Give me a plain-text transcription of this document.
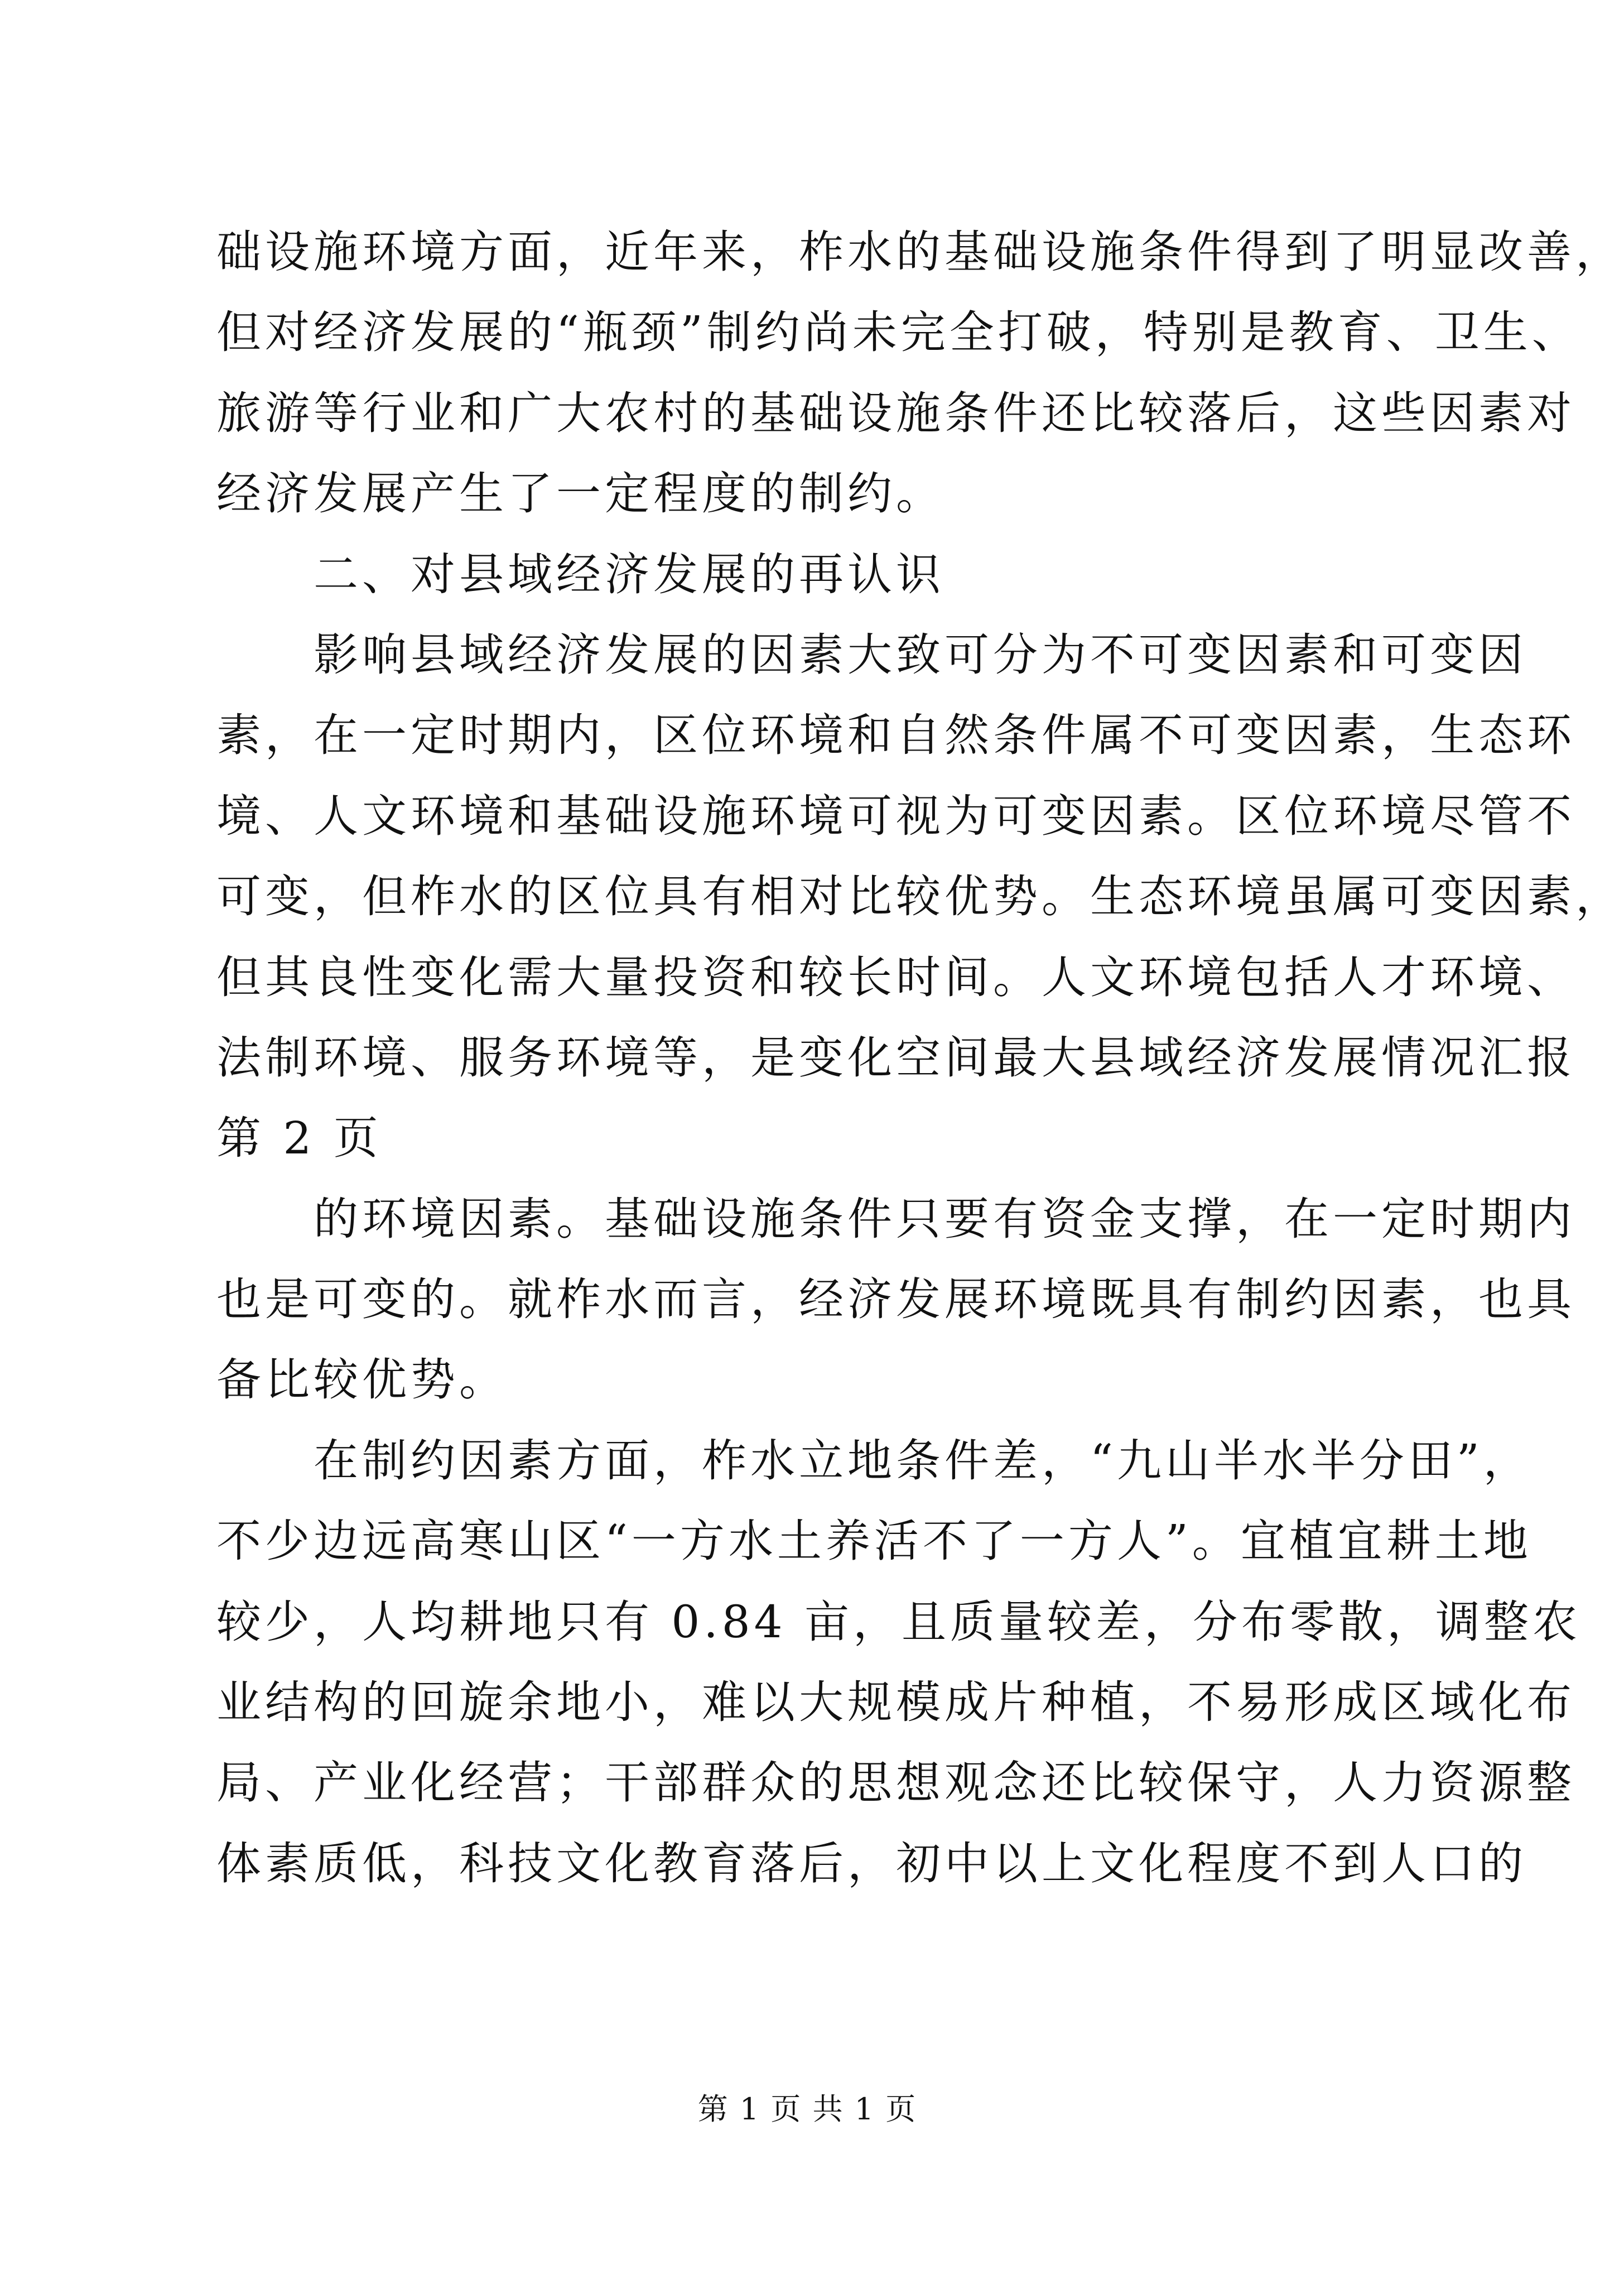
础设施环境方面，近年来，柞水的基础设施条件得到了明显改善，
但对经济发展的“瓶颈”制约尚未完全打破，特别是教育、卫生、
旅游等行业和广大农村的基础设施条件还比较落后，这些因素对
经济发展产生了一定程度的制约。
　　二、对县域经济发展的再认识
　　影响县域经济发展的因素大致可分为不可变因素和可变因
素，在一定时期内，区位环境和自然条件属不可变因素，生态环
境、人文环境和基础设施环境可视为可变因素。区位环境尽管不
可变，但柞水的区位具有相对比较优势。生态环境虽属可变因素，
但其良性变化需大量投资和较长时间。人文环境包括人才环境、
法制环境、服务环境等，是变化空间最大县域经济发展情况汇报
第 2 页
　　的环境因素。基础设施条件只要有资金支撑，在一定时期内
也是可变的。就柞水而言，经济发展环境既具有制约因素，也具
备比较优势。
　　在制约因素方面，柞水立地条件差，“九山半水半分田”，
不少边远高寒山区“一方水土养活不了一方人”。宜植宜耕土地
较少，人均耕地只有 0.84 亩，且质量较差，分布零散，调整农
业结构的回旋余地小，难以大规模成片种植，不易形成区域化布
局、产业化经营；干部群众的思想观念还比较保守，人力资源整
体素质低，科技文化教育落后，初中以上文化程度不到人口的
第 1 页 共 1 页
